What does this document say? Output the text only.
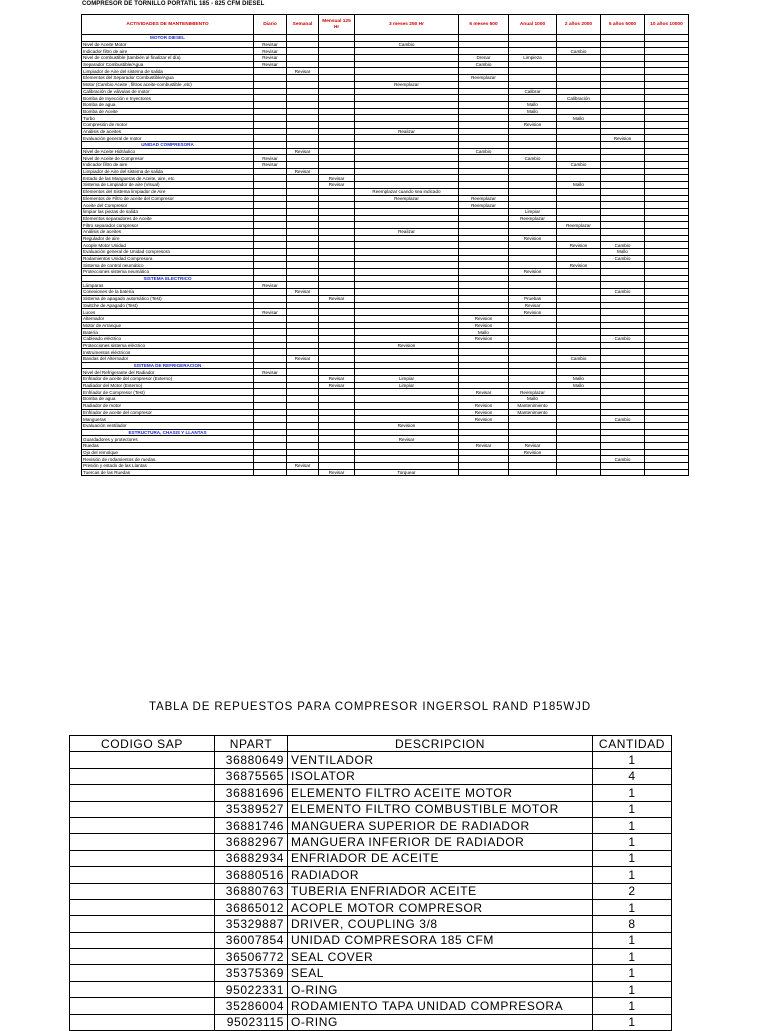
COMPRESOR DE TORNILLO PORTATIL 185 - 825 CFM DIESEL
ACTIVIDADES DE MANTENIMIENTO	Diario	Semanal	Mensual 125 Hr	3 meses 250 Hr	6 meses 500	Anual 1000	2 años 2000	5 años 5000	10 años 10000
MOTOR DIESEL									
Nivel de Aceite Motor	Revisar			Cambio					
Indicador filtro de aire	Revisar						Cambio		
Nivel de combustible (también al finalizar el día)	Revisar				Drenar	Limpieza			
Separador Combustible/Agua	Revisar				Cambio				
Limpiador de Aire del sistema de salida		Revisar							
Elementos del Separador Combustible/Agua					Reemplazar				
Motor (Cambio Aceite , filtros aceite-combustible ,etc)				Reemplazar					
Calibración de válvulas de motor						Calibrar			
Bomba de Inyección e Inyectores							Calibración		
Bomba de agua						Mallo			
Bomba de Aceite						Mallo			
Turbo							Mallo		
Compresión de motor						Revision			
Análisis de aceites				Realizar					
Evaluación general de motor								Revision	
UNIDAD COMPRESORA									
Nivel de Aceite Hidráulico		Revisar			Cambio				
Nivel de Aceite de Compresor	Revisar					Cambio			
Indicador filtro de aire	Revisar						Cambio		
Limpiador de Aire del sistema de salida		Revisar							
Estado de las Mangueras de Aceite, aire, etc.			Revisar						
Sistema de Limpiador de aire (Visual)			Revisar				Mallo		
Elementos del Sistema limpiador de Aire				Reemplazar cuando sea indicado					
Elementos de Filtro de aceite del Compresor				Reemplazar	Reemplazar				
Aceite del Compresor					Reemplazar				
limpiar las piezas de salida						Limpiar			
Elementos separadores de Aceite						Reemplazar			
Filtro separador compresor							Reemplazar		
Análisis de aceites				Realizar					
Regulador de aire						Revision			
Acople Motor Unidad							Revision	Cambio	
Evaluación general de Unidad compresora								Mallo	
Rodamientos Unidad Compresora								Cambio	
Sistema de control neumático							Revision		
Protecciones sistema neumático						Revision			
SISTEMA ELECTRICO									
Lámparas	Revisar								
Conexiones de la batería		Revisar						Cambio	
Sistema de apagado automático (Test)			Revisar			Pruebas			
Switche de Apagado (Test)						Revisar			
Luces	Revisar					Revision			
Alternador					Revision				
Motor de Arranque					Revision				
Batería					Mallo				
Cableado eléctrico					Revision			Cambio	
Protecciones sistema eléctrico				Revision					
Instrumentos eléctricos									
Bandas del Alternador		Revisar					Cambio		
SISTEMA DE REFRIGERACION									
Nivel del Refrigerante del Radiador	Revisar								
Enfriador de aceite del compresor (Externo)			Revisar	Limpiar			Mallo		
Radiador del Motor (Externo)			Revisar	Limpiar			Mallo		
Enfriador de Compresor (Test)					Revisar	Reemplazar			
Bomba de agua						Mallo			
Radiador de motor					Revision	Mantenimiento			
Enfriador de aceite del compresor					Revision	Mantenimiento			
Mangueras					Revision			Cambio	
Evaluación ventilador				Revision					
ESTRUCTURA, CHASIS Y LLANTAS									
Guardadores y protectores				Revisar					
Ruedas					Revisar	Revisar			
Ojo del remolque						Revision			
Revisión de rodamientos de ruedas.								Cambio	
Presión y estado de las Llantas		Revisar							
Tuercas de las Ruedas			Revisar	Torquear					
TABLA DE REPUESTOS PARA COMPRESOR INGERSOL RAND P185WJD
CODIGO SAP	NPART	DESCRIPCION	CANTIDAD
	36880649	VENTILADOR	1
	36875565	ISOLATOR	4
	36881696	ELEMENTO FILTRO ACEITE MOTOR	1
	35389527	ELEMENTO FILTRO COMBUSTIBLE MOTOR	1
	36881746	MANGUERA SUPERIOR DE RADIADOR	1
	36882967	MANGUERA INFERIOR DE RADIADOR	1
	36882934	ENFRIADOR DE ACEITE	1
	36880516	RADIADOR	1
	36880763	TUBERIA ENFRIADOR ACEITE	2
	36865012	ACOPLE MOTOR COMPRESOR	1
	35329887	DRIVER, COUPLING 3/8	8
	36007854	UNIDAD COMPRESORA 185 CFM	1
	36506772	SEAL COVER	1
	35375369	SEAL	1
	95022331	O-RING	1
	35286004	RODAMIENTO TAPA UNIDAD COMPRESORA	1
	95023115	O-RING	1
